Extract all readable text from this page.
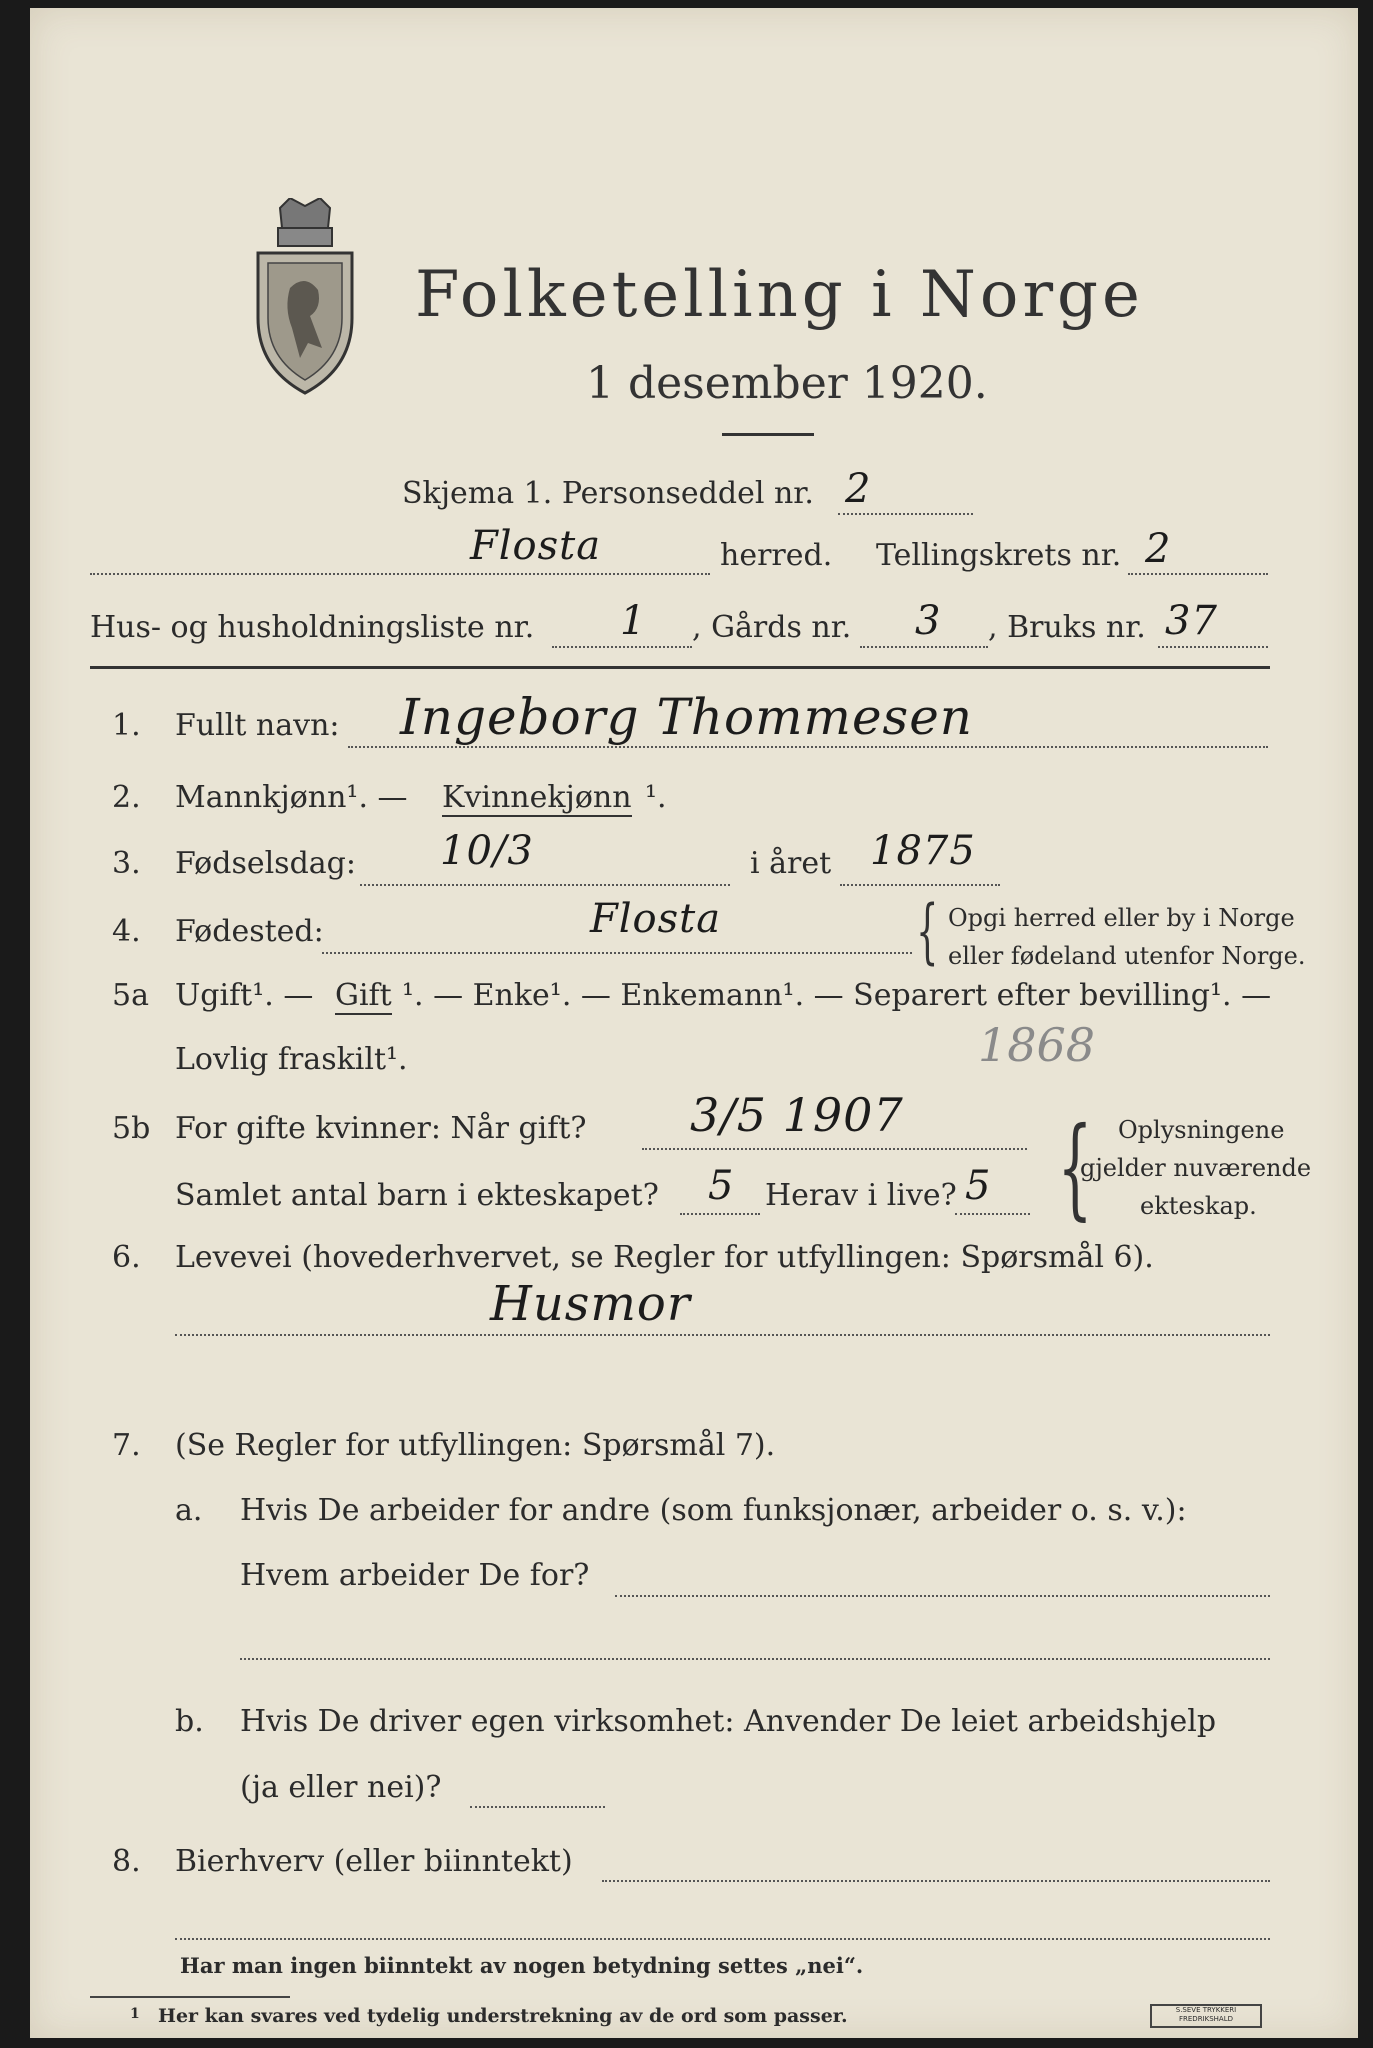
Folketelling i Norge
1 desember 1920.
Skjema 1. Personseddel nr. 2
Flosta	herred. Tellingskrets nr. 2
Hus- og husholdningsliste nr. 1 , Gårds nr. 3 , Bruks nr. 37
1. Fullt navn: Ingeborg Thommesen
2. Mannkjønn¹. — Kvinnekjønn ¹.
3. Fødselsdag: 10/3	i året 1875
4. Fødested:	Flosta	{ Opgi herred eller by i Norge
eller fødeland utenfor Norge.
5a Ugift¹. — Gift ¹. — Enke¹. — Enkemann¹. — Separert efter bevilling¹. —
Lovlig fraskilt¹.	1868
5b For gifte kvinner: Når gift? 3/5 1907
Samlet antal barn i ekteskapet? 5 Herav i live? 5 { Oplysningene
gjelder nuværende
ekteskap.
6. Levevei (hovederhvervet, se Regler for utfyllingen: Spørsmål 6).
Husmor
7. (Se Regler for utfyllingen: Spørsmål 7).
a. Hvis De arbeider for andre (som funksjonær, arbeider o. s. v.):
Hvem arbeider De for?
b. Hvis De driver egen virksomhet: Anvender De leiet arbeidshjelp
(ja eller nei)?
8. Bierhverv (eller biinntekt)
Har man ingen biinntekt av nogen betydning settes „nei“.
1 Her kan svares ved tydelig understrekning av de ord som passer.	S.SEVE TRYKKERI FREDRIKSHALD
